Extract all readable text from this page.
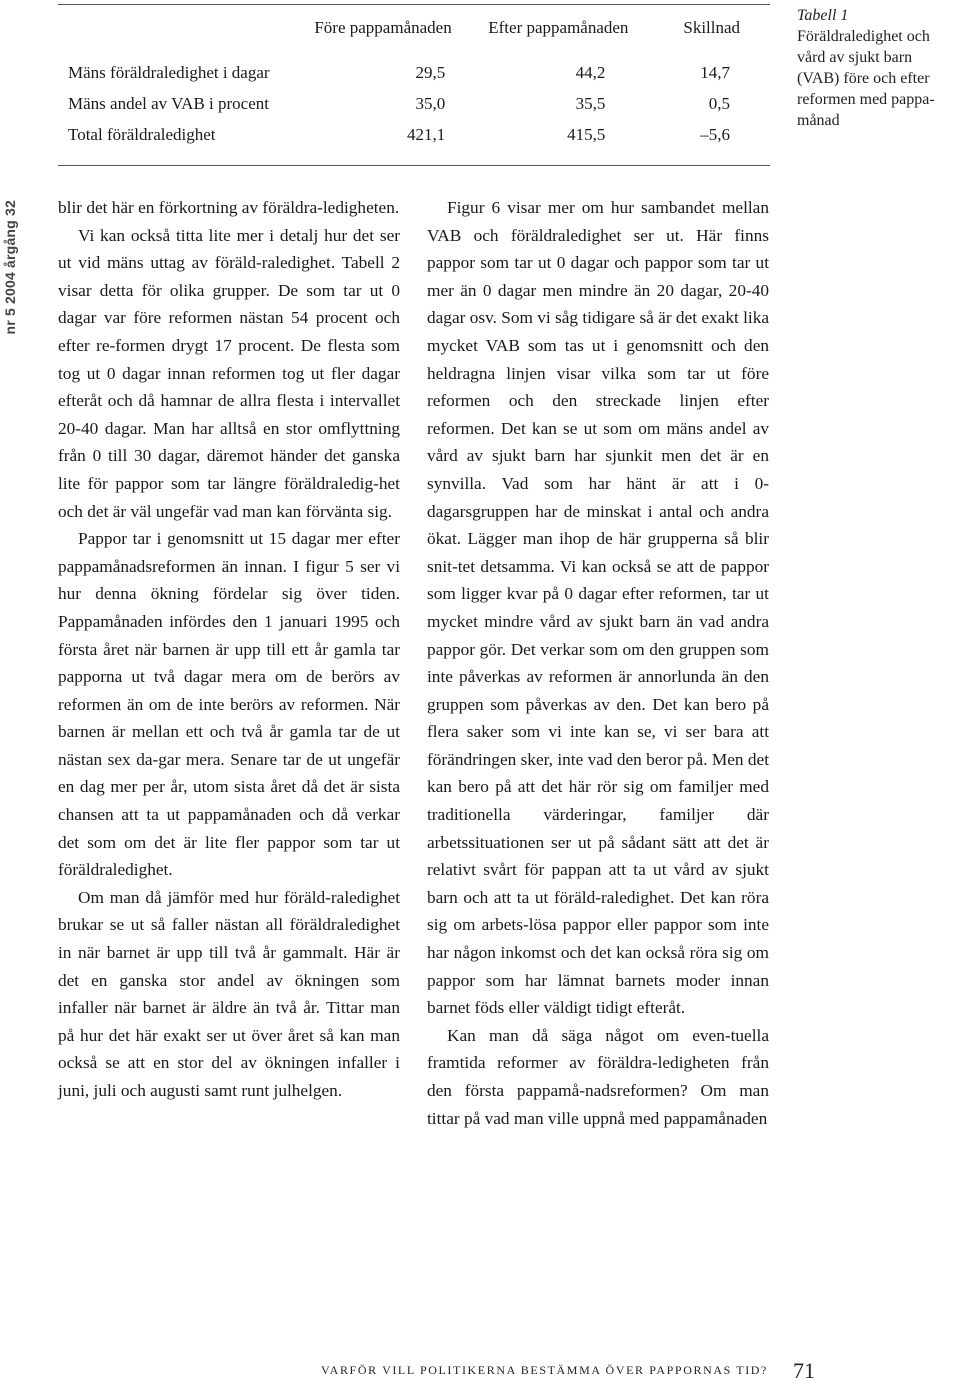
	Före pappamånaden	Efter pappamånaden	Skillnad
Mäns föräldraledighet i dagar	29,5	44,2	14,7
Mäns andel av VAB i procent	35,0	35,5	0,5
Total föräldraledighet	421,1	415,5	–5,6
Tabell 1
Föräldraledighet och vård av sjukt barn (VAB) före och efter reformen med pappa-månad
nr 5 2004 årgång 32 blir det här en förkortning av föräldra-ledigheten.

Vi kan också titta lite mer i detalj hur det ser ut vid mäns uttag av föräld-raledighet. Tabell 2 visar detta för olika grupper. De som tar ut 0 dagar var före reformen nästan 54 procent och efter re-formen drygt 17 procent. De flesta som tog ut 0 dagar innan reformen tog ut fler dagar efteråt och då hamnar de allra flesta i intervallet 20-40 dagar. Man har alltså en stor omflyttning från 0 till 30 dagar, däremot händer det ganska lite för pappor som tar längre föräldraledig-het och det är väl ungefär vad man kan förvänta sig.

Pappor tar i genomsnitt ut 15 dagar mer efter pappamånadsreformen än innan. I figur 5 ser vi hur denna ökning fördelar sig över tiden. Pappamånaden infördes den 1 januari 1995 och första året när barnen är upp till ett år gamla tar papporna ut två dagar mera om de berörs av reformen än om de inte berörs av reformen. När barnen är mellan ett och två år gamla tar de ut nästan sex da-gar mera. Senare tar de ut ungefär en dag mer per år, utom sista året då det är sista chansen att ta ut pappamånaden och då verkar det som om det är lite fler pappor som tar ut föräldraledighet.

Om man då jämför med hur föräld-raledighet brukar se ut så faller nästan all föräldraledighet in när barnet är upp till två år gammalt. Här är det en ganska stor andel av ökningen som infaller när barnet är äldre än två år. Tittar man på hur det här exakt ser ut över året så kan man också se att en stor del av ökningen infaller i juni, juli och augusti samt runt julhelgen.

Figur 6 visar mer om hur sambandet mellan VAB och föräldraledighet ser ut. Här finns pappor som tar ut 0 dagar och pappor som tar ut mer än 0 dagar men mindre än 20 dagar, 20-40 dagar osv. Som vi såg tidigare så är det exakt lika mycket VAB som tas ut i genomsnitt och den heldragna linjen visar vilka som tar ut före reformen och den streckade linjen efter reformen. Det kan se ut som om mäns andel av vård av sjukt barn har sjunkit men det är en synvilla. Vad som har hänt är att i 0-dagarsgruppen har de minskat i antal och andra ökat. Lägger man ihop de här grupperna så blir snit-tet detsamma. Vi kan också se att de pappor som ligger kvar på 0 dagar efter reformen, tar ut mycket mindre vård av sjukt barn än vad andra pappor gör. Det verkar som om den gruppen som inte påverkas av reformen är annorlunda än den gruppen som påverkas av den. Det kan bero på flera saker som vi inte kan se, vi ser bara att förändringen sker, inte vad den beror på. Men det kan bero på att det här rör sig om familjer med traditionella värderingar, familjer där arbetssituationen ser ut på sådant sätt att det är relativt svårt för pappan att ta ut vård av sjukt barn och att ta ut föräld-raledighet. Det kan röra sig om arbets-lösa pappor eller pappor som inte har någon inkomst och det kan också röra sig om pappor som har lämnat barnets moder innan barnet föds eller väldigt tidigt efteråt.

Kan man då säga något om even-tuella framtida reformer av föräldra-ledigheten från den första pappamå-nadsreformen? Om man tittar på vad man ville uppnå med pappamånaden

VARFÖR VILL POLITIKERNA BESTÄMMA ÖVER PAPPORNAS TID? 71
